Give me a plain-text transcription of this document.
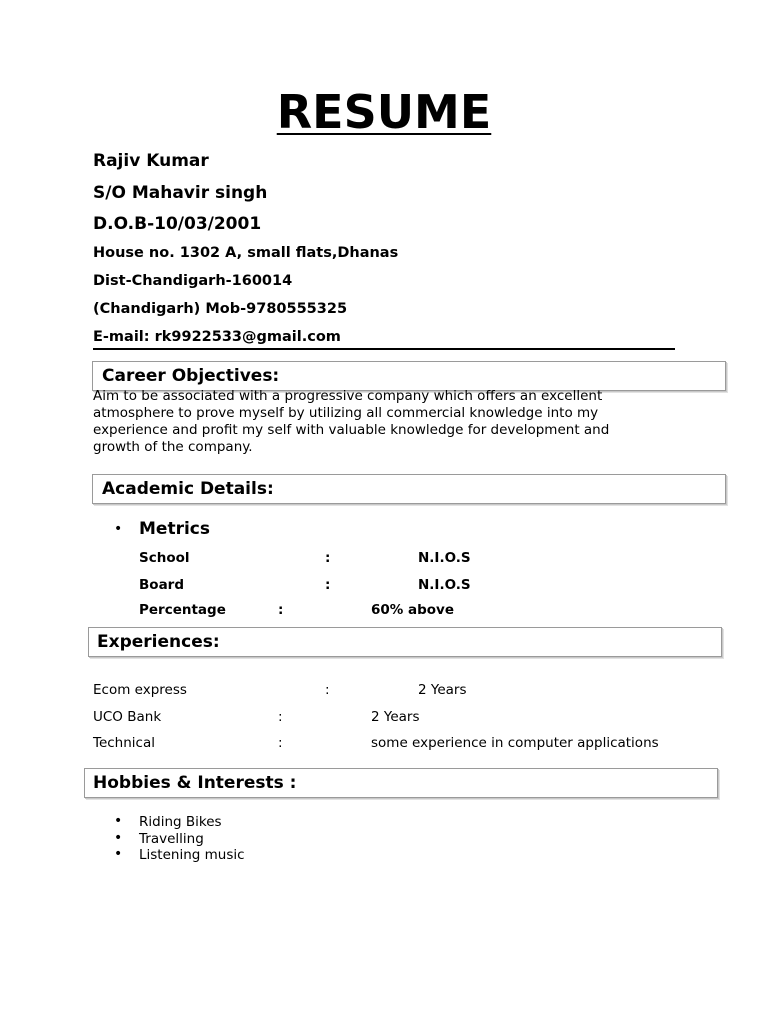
RESUME
Rajiv Kumar
S/O Mahavir singh
D.O.B-10/03/2001
House no. 1302 A, small flats,Dhanas
Dist-Chandigarh-160014
(Chandigarh) Mob-9780555325
E-mail: rk9922533@gmail.com
Career Objectives:
Aim to be associated with a progressive company which offers an excellent atmosphere to prove myself by utilizing all commercial knowledge into my experience and profit my self with valuable knowledge for development and growth of the company.
Academic Details:
• Metrics
School	:	N.I.O.S
Board	:	N.I.O.S
Percentage	:	60% above
Experiences:
Ecom express	:	2 Years
UCO Bank	:	2 Years
Technical	:	some experience in computer applications
Hobbies & Interests :
• Riding Bikes
• Travelling
• Listening music
